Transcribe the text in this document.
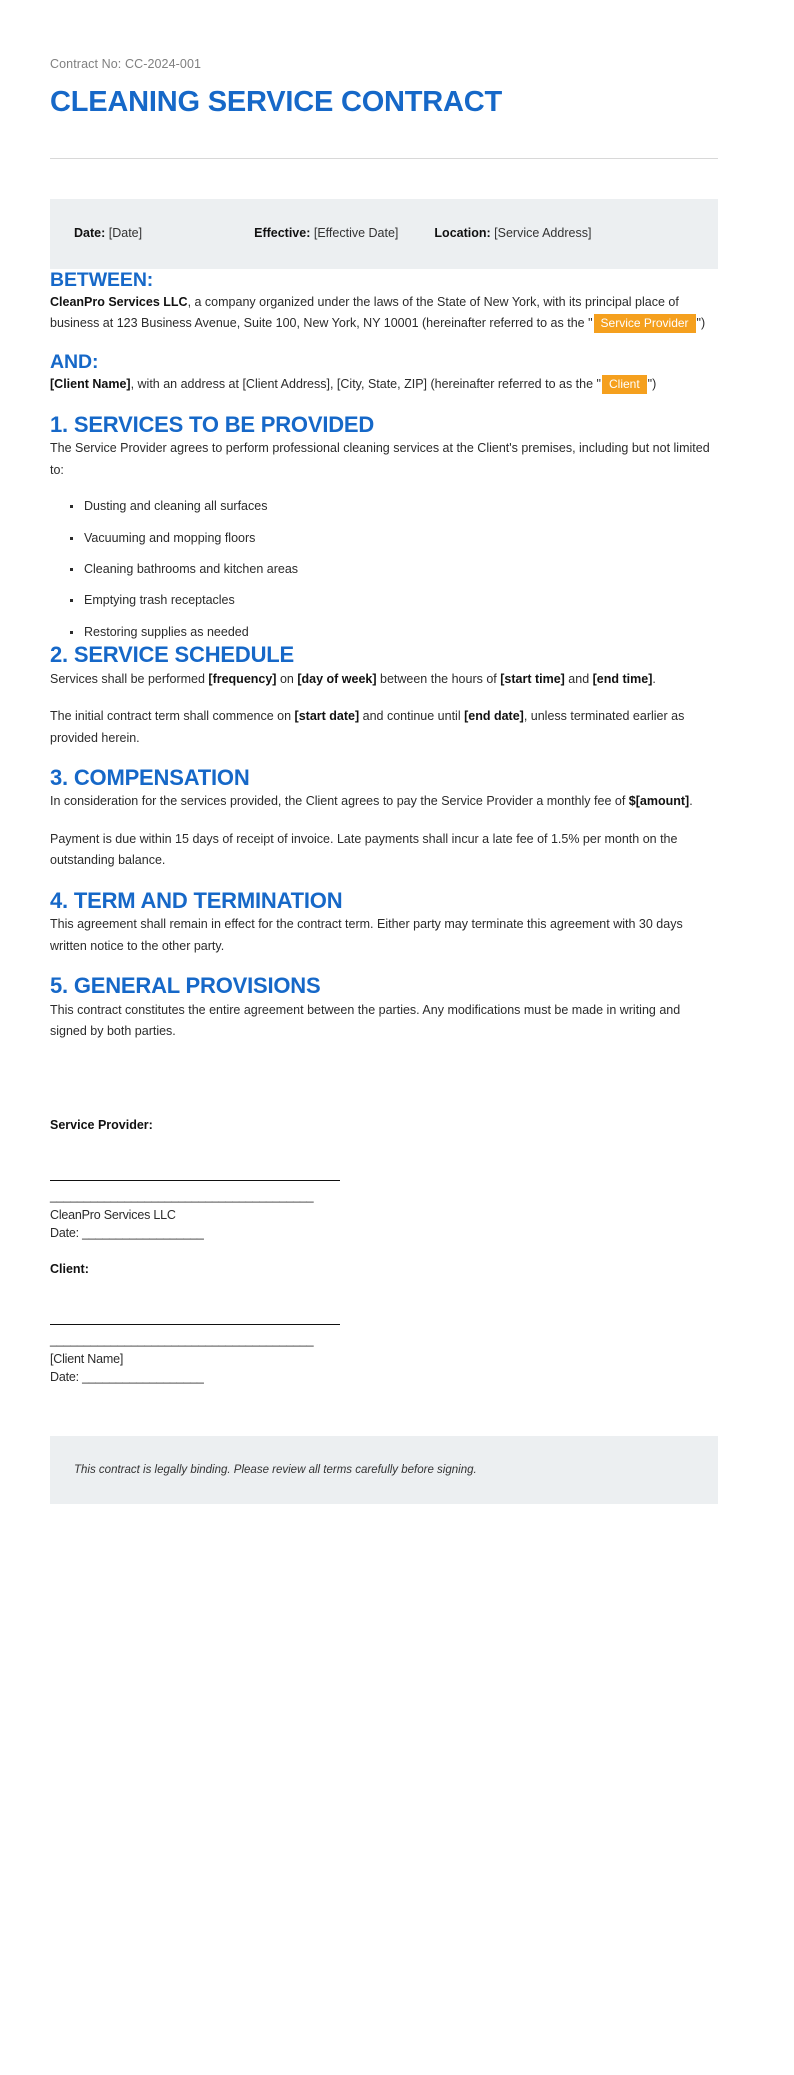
Contract No: CC-2024-001
CLEANING SERVICE CONTRACT
Date: [Date]	Effective: [Effective Date]	Location: [Service Address]
BETWEEN:

CleanPro Services LLC, a company organized under the laws of the State of New York, with its principal place of business at 123 Business Avenue, Suite 100, New York, NY 10001 (hereinafter referred to as the " Service Provider ")

AND:

[Client Name], with an address at [Client Address], [City, State, ZIP] (hereinafter referred to as the " Client ")

1. SERVICES TO BE PROVIDED

The Service Provider agrees to perform professional cleaning services at the Client's premises, including but not limited to:

Dusting and cleaning all surfaces
Vacuuming and mopping floors
Cleaning bathrooms and kitchen areas
Emptying trash receptacles
Restoring supplies as needed
2. SERVICE SCHEDULE

Services shall be performed [frequency] on [day of week] between the hours of [start time] and [end time].

The initial contract term shall commence on [start date] and continue until [end date], unless terminated earlier as provided herein.

3. COMPENSATION

In consideration for the services provided, the Client agrees to pay the Service Provider a monthly fee of $[amount].

Payment is due within 15 days of receipt of invoice. Late payments shall incur a late fee of 1.5% per month on the outstanding balance.

4. TERM AND TERMINATION

This agreement shall remain in effect for the contract term. Either party may terminate this agreement with 30 days written notice to the other party.

5. GENERAL PROVISIONS

This contract constitutes the entire agreement between the parties. Any modifications must be made in writing and signed by both parties.

Service Provider:

_______________________________________

CleanPro Services LLC

Date: __________________

Client:

_______________________________________

[Client Name]

Date: __________________

This contract is legally binding. Please review all terms carefully before signing.
